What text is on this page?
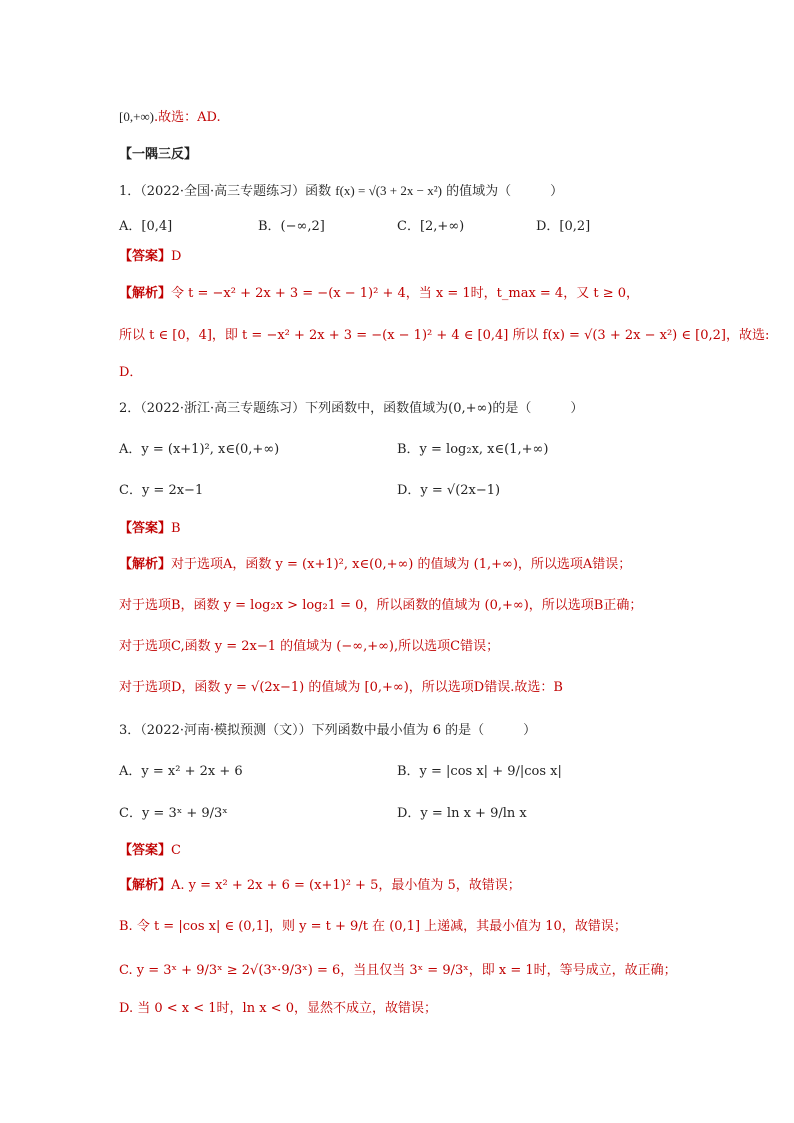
[0,+∞).故选：AD.
【一隅三反】
1．（2022·全国·高三专题练习）函数 f(x) = √(3 + 2x − x²) 的值域为（　　　）
A．[0,4]	B．(−∞,2]	C．[2,+∞)	D．[0,2]
【答案】D
【解析】令 t = −x² + 2x + 3 = −(x − 1)² + 4，当 x = 1时，t_max = 4，又 t ≥ 0，
所以 t ∈ [0，4]，即 t = −x² + 2x + 3 = −(x − 1)² + 4 ∈ [0,4] 所以 f(x) = √(3 + 2x − x²) ∈ [0,2]，故选:
D．
2．（2022·浙江·高三专题练习）下列函数中，函数值域为(0,+∞)的是（　　　）
A．y = (x+1)², x∈(0,+∞)	B．y = log₂x, x∈(1,+∞)
C．y = 2x−1	D．y = √(2x−1)
【答案】B
【解析】对于选项A，函数 y = (x+1)², x∈(0,+∞) 的值域为 (1,+∞)，所以选项A错误；
对于选项B，函数 y = log₂x > log₂1 = 0，所以函数的值域为 (0,+∞)，所以选项B正确；
对于选项C,函数 y = 2x−1 的值域为 (−∞,+∞),所以选项C错误；
对于选项D，函数 y = √(2x−1) 的值域为 [0,+∞)，所以选项D错误.故选：B
3．（2022·河南·模拟预测（文））下列函数中最小值为 6 的是（　　　）
A．y = x² + 2x + 6	B．y = |cos x| + 9/|cos x|
C．y = 3ˣ + 9/3ˣ	D．y = ln x + 9/ln x
【答案】C
【解析】A. y = x² + 2x + 6 = (x+1)² + 5，最小值为 5，故错误；
B. 令 t = |cos x| ∈ (0,1]，则 y = t + 9/t 在 (0,1] 上递减，其最小值为 10，故错误；
C. y = 3ˣ + 9/3ˣ ≥ 2√(3ˣ·9/3ˣ) = 6，当且仅当 3ˣ = 9/3ˣ，即 x = 1时，等号成立，故正确；
D. 当 0 < x < 1时，ln x < 0，显然不成立，故错误；
